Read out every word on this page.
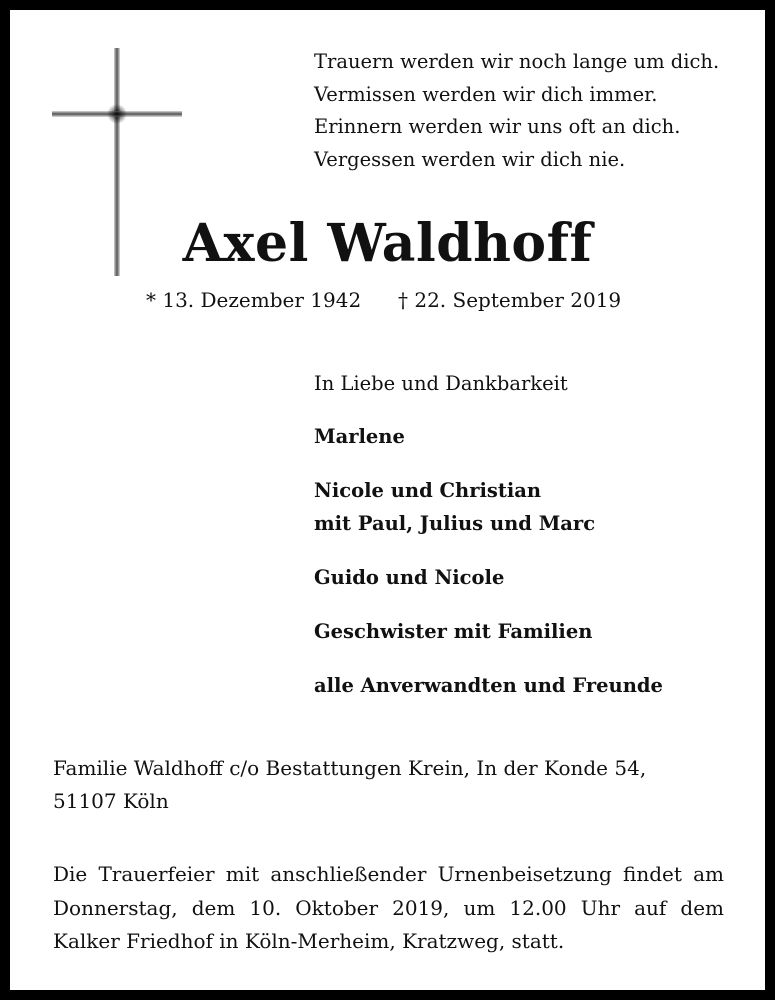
Trauern werden wir noch lange um dich.
Vermissen werden wir dich immer.
Erinnern werden wir uns oft an dich.
Vergessen werden wir dich nie.
Axel Waldhoff
* 13. Dezember 1942 † 22. September 2019
In Liebe und Dankbarkeit
Marlene
Nicole und Christian
mit Paul, Julius und Marc
Guido und Nicole
Geschwister mit Familien
alle Anverwandten und Freunde
Familie Waldhoff c/o Bestattungen Krein, In der Konde 54,
51107 Köln
Die Trauerfeier mit anschließender Urnenbeisetzung findet am Donnerstag, dem 10. Oktober 2019, um 12.00 Uhr auf dem Kalker Friedhof in Köln-Merheim, Kratzweg, statt.
